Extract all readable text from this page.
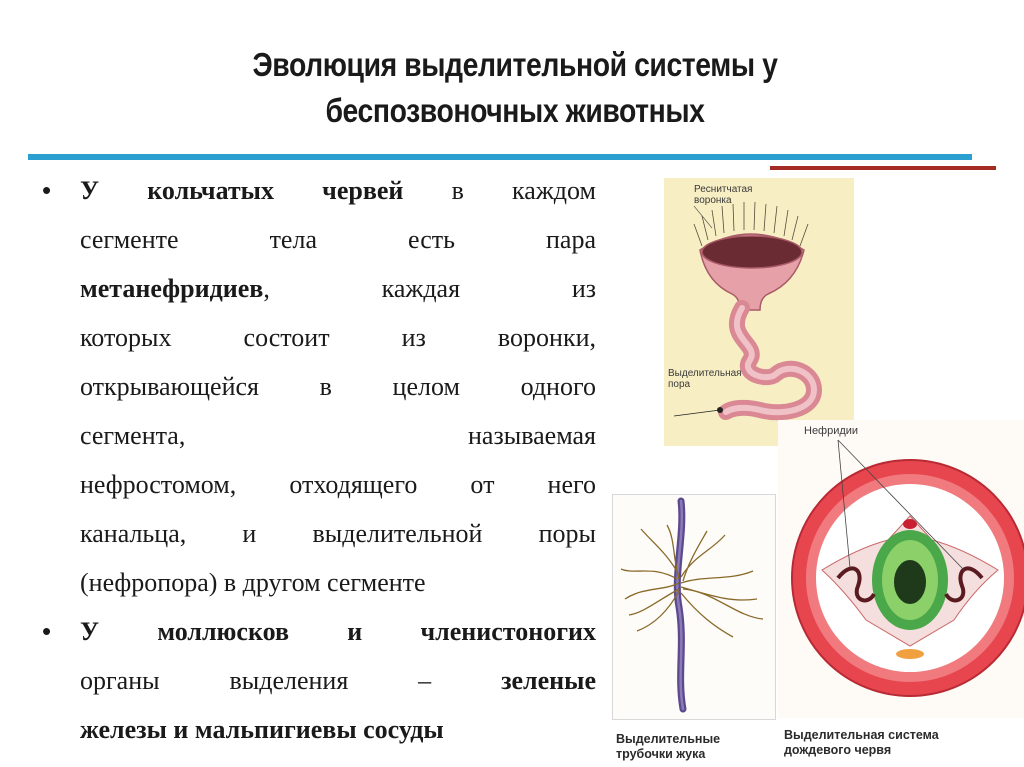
Эволюция выделительной системы у
беспозвоночных животных
• У кольчатых червей в каждом
сегменте тела есть пара
метанефридиев, каждая из
которых состоит из воронки,
открывающейся в целом одного
сегмента, называемая
нефростомом, отходящего от него
канальца, и выделительной поры
(нефропора) в другом сегменте
• У моллюсков и членистоногих
органы выделения – зеленые
железы и мальпигиевы сосуды
Реснитчатая воронка
Выделительная пора
Выделительные трубочки жука
Нефридии
Выделительная система дождевого червя
